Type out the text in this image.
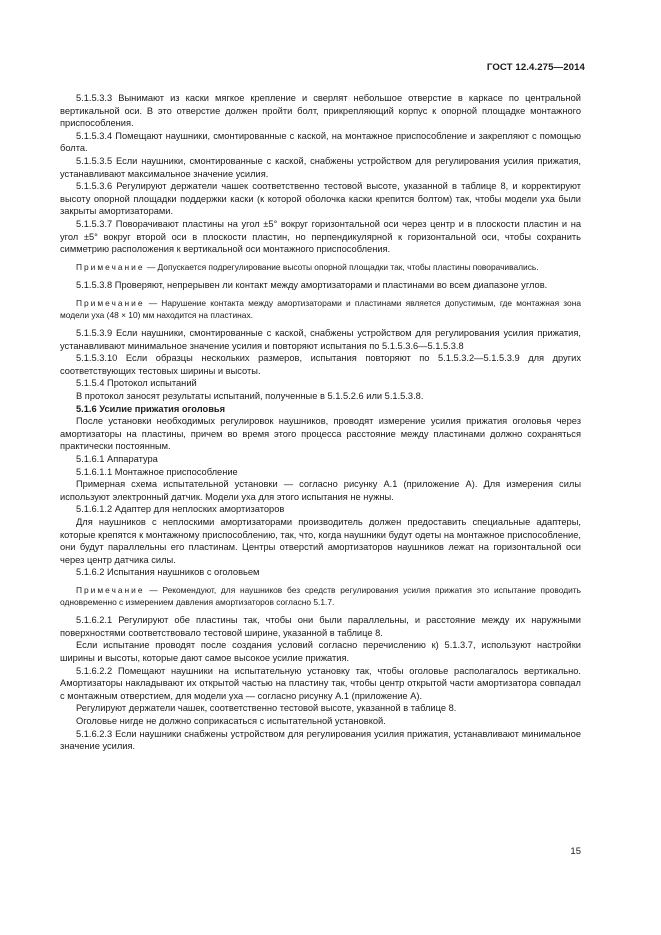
ГОСТ 12.4.275—2014

5.1.5.3.3 Вынимают из каски мягкое крепление и сверлят небольшое отверстие в каркасе по центральной вертикальной оси. В это отверстие должен пройти болт, прикрепляющий корпус к опорной площадке монтажного приспособления.

5.1.5.3.4 Помещают наушники, смонтированные с каской, на монтажное приспособление и закрепляют с помощью болта.

5.1.5.3.5 Если наушники, смонтированные с каской, снабжены устройством для регулирования усилия прижатия, устанавливают максимальное значение усилия.

5.1.5.3.6 Регулируют держатели чашек соответственно тестовой высоте, указанной в таблице 8, и корректируют высоту опорной площадки поддержки каски (к которой оболочка каски крепится болтом) так, чтобы модели уха были закрыты амортизаторами.

5.1.5.3.7 Поворачивают пластины на угол ±5° вокруг горизонтальной оси через центр и в плоскости пластин и на угол ±5° вокруг второй оси в плоскости пластин, но перпендикулярной к горизонтальной оси, чтобы сохранить симметрию расположения к вертикальной оси монтажного приспособления.

Примечание — Допускается подрегулирование высоты опорной площадки так, чтобы пластины поворачивались.

5.1.5.3.8 Проверяют, непрерывен ли контакт между амортизаторами и пластинами во всем диапазоне углов.

Примечание — Нарушение контакта между амортизаторами и пластинами является допустимым, где монтажная зона модели уха (48 × 10) мм находится на пластинах.

5.1.5.3.9 Если наушники, смонтированные с каской, снабжены устройством для регулирования усилия прижатия, устанавливают минимальное значение усилия и повторяют испытания по 5.1.5.3.6—5.1.5.3.8

5.1.5.3.10 Если образцы нескольких размеров, испытания повторяют по 5.1.5.3.2—5.1.5.3.9 для других соответствующих тестовых ширины и высоты.

5.1.5.4 Протокол испытаний

В протокол заносят результаты испытаний, полученные в 5.1.5.2.6 или 5.1.5.3.8.

5.1.6 Усилие прижатия оголовья

После установки необходимых регулировок наушников, проводят измерение усилия прижатия оголовья через амортизаторы на пластины, причем во время этого процесса расстояние между пластинами должно сохраняться практически постоянным.

5.1.6.1 Аппаратура

5.1.6.1.1 Монтажное приспособление

Примерная схема испытательной установки — согласно рисунку А.1 (приложение А). Для измерения силы используют электронный датчик. Модели уха для этого испытания не нужны.

5.1.6.1.2 Адаптер для неплоских амортизаторов

Для наушников с неплоскими амортизаторами производитель должен предоставить специальные адаптеры, которые крепятся к монтажному приспособлению, так, что, когда наушники будут одеты на монтажное приспособление, они будут параллельны его пластинам. Центры отверстий амортизаторов наушников лежат на горизонтальной оси через центр датчика силы.

5.1.6.2 Испытания наушников с оголовьем

Примечание — Рекомендуют, для наушников без средств регулирования усилия прижатия это испытание проводить одновременно с измерением давления амортизаторов согласно 5.1.7.

5.1.6.2.1 Регулируют обе пластины так, чтобы они были параллельны, и расстояние между их наружными поверхностями соответствовало тестовой ширине, указанной в таблице 8.

Если испытание проводят после создания условий согласно перечислению к) 5.1.3.7, используют настройки ширины и высоты, которые дают самое высокое усилие прижатия.

5.1.6.2.2 Помещают наушники на испытательную установку так, чтобы оголовье располагалось вертикально. Амортизаторы накладывают их открытой частью на пластину так, чтобы центр открытой части амортизатора совпадал с монтажным отверстием, для модели уха — согласно рисунку А.1 (приложение А).

Регулируют держатели чашек, соответственно тестовой высоте, указанной в таблице 8.

Оголовье нигде не должно соприкасаться с испытательной установкой.

5.1.6.2.3 Если наушники снабжены устройством для регулирования усилия прижатия, устанавливают минимальное значение усилия.

15
